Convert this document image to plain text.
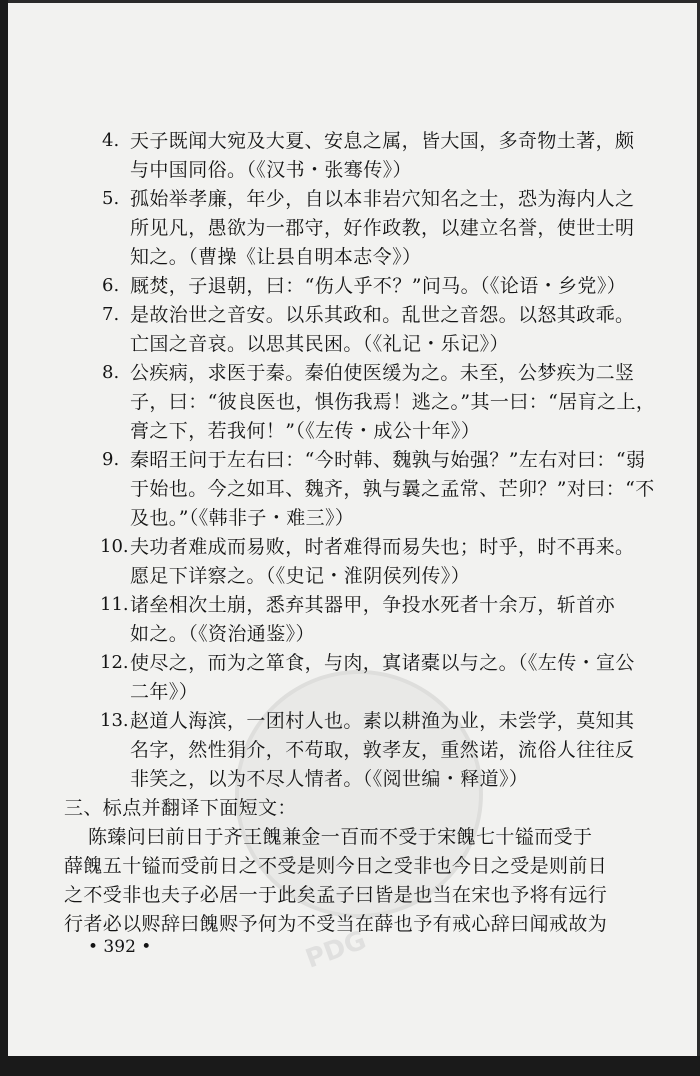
PDG
4. 天子既闻大宛及大夏、安息之属，皆大国，多奇物土著，颇
与中国同俗。（《汉书・张骞传》）
5. 孤始举孝廉，年少，自以本非岩穴知名之士，恐为海内人之
所见凡，愚欲为一郡守，好作政教，以建立名誉，使世士明
知之。（曹操《让县自明本志令》）
6. 厩焚，子退朝，曰：“伤人乎不？”问马。（《论语・乡党》）
7. 是故治世之音安。以乐其政和。乱世之音怨。以怒其政乖。
亡国之音哀。以思其民困。（《礼记・乐记》）
8. 公疾病，求医于秦。秦伯使医缓为之。未至，公梦疾为二竖
子，曰：“彼良医也，惧伤我焉！逃之。”其一曰：“居肓之上，
膏之下，若我何！”（《左传・成公十年》）
9. 秦昭王问于左右曰：“今时韩、魏孰与始强？”左右对曰：“弱
于始也。今之如耳、魏齐，孰与曩之孟常、芒卯？”对曰：“不
及也。”（《韩非子・难三》）
10. 夫功者难成而易败，时者难得而易失也；时乎，时不再来。
愿足下详察之。（《史记・淮阴侯列传》）
11. 诸垒相次土崩，悉弃其器甲，争投水死者十余万，斩首亦
如之。（《资治通鉴》）
12. 使尽之，而为之箪食，与肉，寘诸橐以与之。（《左传・宣公
二年》）
13. 赵道人海滨，一团村人也。素以耕渔为业，未尝学，莫知其
名字，然性狷介，不苟取，敦孝友，重然诺，流俗人往往反
非笑之，以为不尽人情者。（《阅世编・释道》）
三、标点并翻译下面短文：
陈臻问曰前日于齐王餽兼金一百而不受于宋餽七十镒而受于
薛餽五十镒而受前日之不受是则今日之受非也今日之受是则前日
之不受非也夫子必居一于此矣孟子曰皆是也当在宋也予将有远行
行者必以赆辞曰餽赆予何为不受当在薛也予有戒心辞曰闻戒故为
• 392 •
